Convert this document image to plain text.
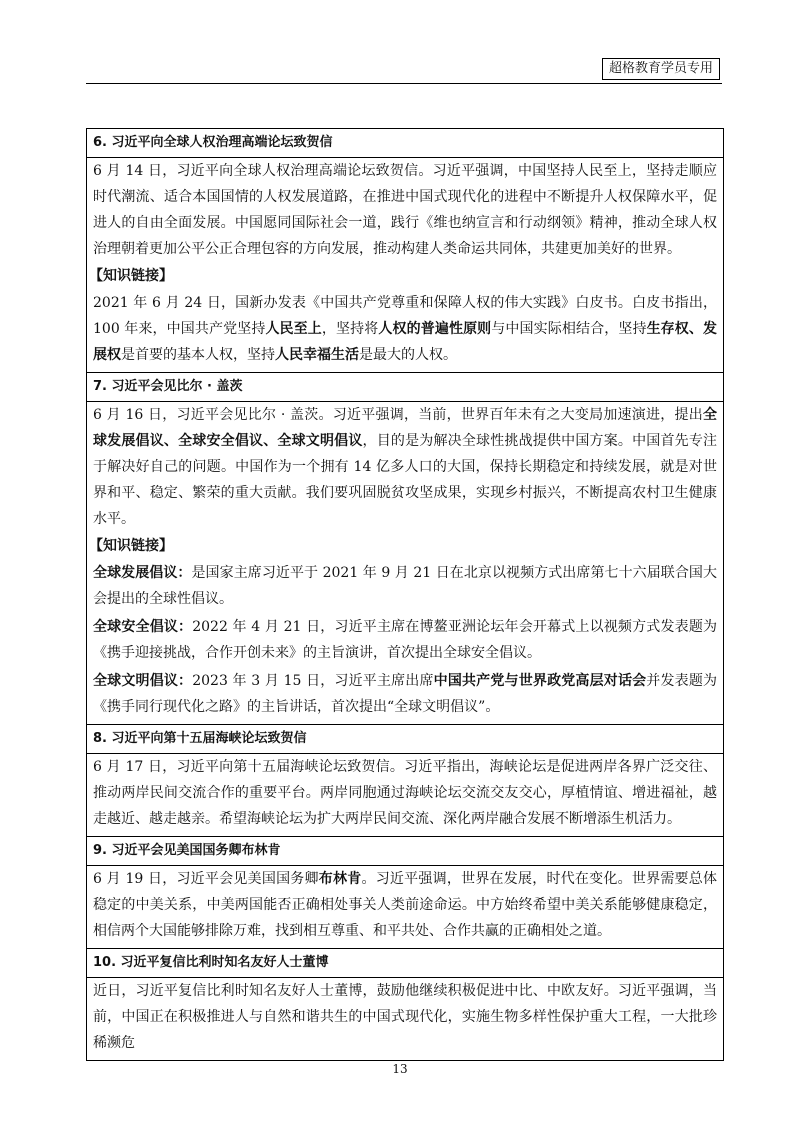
超格教育学员专用
6. 习近平向全球人权治理高端论坛致贺信
6 月 14 日，习近平向全球人权治理高端论坛致贺信。习近平强调，中国坚持人民至上，坚持走顺应时代潮流、适合本国国情的人权发展道路，在推进中国式现代化的进程中不断提升人权保障水平，促进人的自由全面发展。中国愿同国际社会一道，践行《维也纳宣言和行动纲领》精神，推动全球人权治理朝着更加公平公正合理包容的方向发展，推动构建人类命运共同体，共建更加美好的世界。
【知识链接】
2021 年 6 月 24 日，国新办发表《中国共产党尊重和保障人权的伟大实践》白皮书。白皮书指出，100 年来，中国共产党坚持人民至上，坚持将人权的普遍性原则与中国实际相结合，坚持生存权、发展权是首要的基本人权，坚持人民幸福生活是最大的人权。
7. 习近平会见比尔 · 盖茨
6 月 16 日，习近平会见比尔 · 盖茨。习近平强调，当前，世界百年未有之大变局加速演进，提出全球发展倡议、全球安全倡议、全球文明倡议，目的是为解决全球性挑战提供中国方案。中国首先专注于解决好自己的问题。中国作为一个拥有 14 亿多人口的大国，保持长期稳定和持续发展，就是对世界和平、稳定、繁荣的重大贡献。我们要巩固脱贫攻坚成果，实现乡村振兴，不断提高农村卫生健康水平。
【知识链接】
全球发展倡议：是国家主席习近平于 2021 年 9 月 21 日在北京以视频方式出席第七十六届联合国大会提出的全球性倡议。
全球安全倡议：2022 年 4 月 21 日，习近平主席在博鳌亚洲论坛年会开幕式上以视频方式发表题为《携手迎接挑战，合作开创未来》的主旨演讲，首次提出全球安全倡议。
全球文明倡议：2023 年 3 月 15 日，习近平主席出席中国共产党与世界政党高层对话会并发表题为《携手同行现代化之路》的主旨讲话，首次提出“全球文明倡议”。
8. 习近平向第十五届海峡论坛致贺信
6 月 17 日，习近平向第十五届海峡论坛致贺信。习近平指出，海峡论坛是促进两岸各界广泛交往、推动两岸民间交流合作的重要平台。两岸同胞通过海峡论坛交流交友交心，厚植情谊、增进福祉，越走越近、越走越亲。希望海峡论坛为扩大两岸民间交流、深化两岸融合发展不断增添生机活力。
9. 习近平会见美国国务卿布林肯
6 月 19 日，习近平会见美国国务卿布林肯。习近平强调，世界在发展，时代在变化。世界需要总体稳定的中美关系，中美两国能否正确相处事关人类前途命运。中方始终希望中美关系能够健康稳定，相信两个大国能够排除万难，找到相互尊重、和平共处、合作共赢的正确相处之道。
10. 习近平复信比利时知名友好人士董博
近日，习近平复信比利时知名友好人士董博，鼓励他继续积极促进中比、中欧友好。习近平强调，当前，中国正在积极推进人与自然和谐共生的中国式现代化，实施生物多样性保护重大工程，一大批珍稀濒危
13
